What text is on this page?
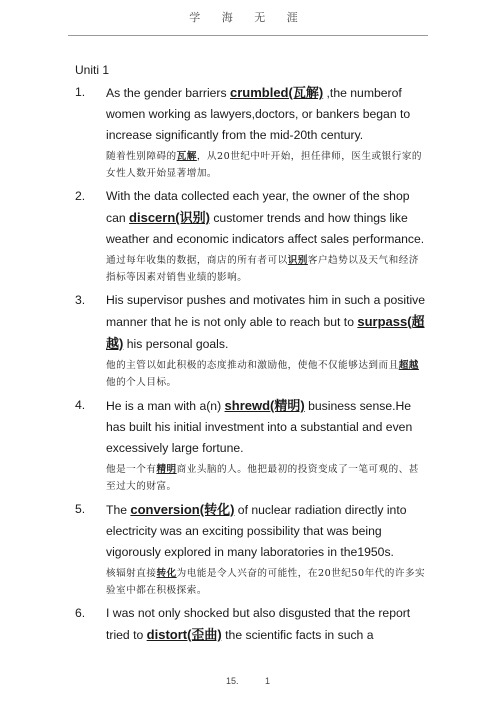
学 海 无 涯
Uniti 1
1. As the gender barriers crumbled(瓦解) ,the numberof women working as lawyers,doctors, or bankers began to increase significantly from the mid-20th century.
随着性别障碍的瓦解，从20世纪中叶开始，担任律师，医生或银行家的女性人数开始显著增加。
2. With the data collected each year, the owner of the shop can discern(识别) customer trends and how things like weather and economic indicators affect sales performance.
通过每年收集的数据，商店的所有者可以识别客户趋势以及天气和经济指标等因素对销售业绩的影响。
3. His supervisor pushes and motivates him in such a positive manner that he is not only able to reach but to surpass(超越) his personal goals.
他的主管以如此积极的态度推动和激励他，使他不仅能够达到而且超越他的个人目标。
4. He is a man with a(n) shrewd(精明) business sense.He has built his initial investment into a substantial and even excessively large fortune.
他是一个有精明商业头脑的人。他把最初的投资变成了一笔可观的、甚至过大的财富。
5. The conversion(转化) of nuclear radiation directly into electricity was an exciting possibility that was being vigorously explored in many laboratories in the1950s.
核辐射直接转化为电能是令人兴奋的可能性，在20世纪50年代的许多实验室中都在积极探索。
6. I was not only shocked but also disgusted that the report tried to distort(歪曲) the scientific facts in such a
15.	1
